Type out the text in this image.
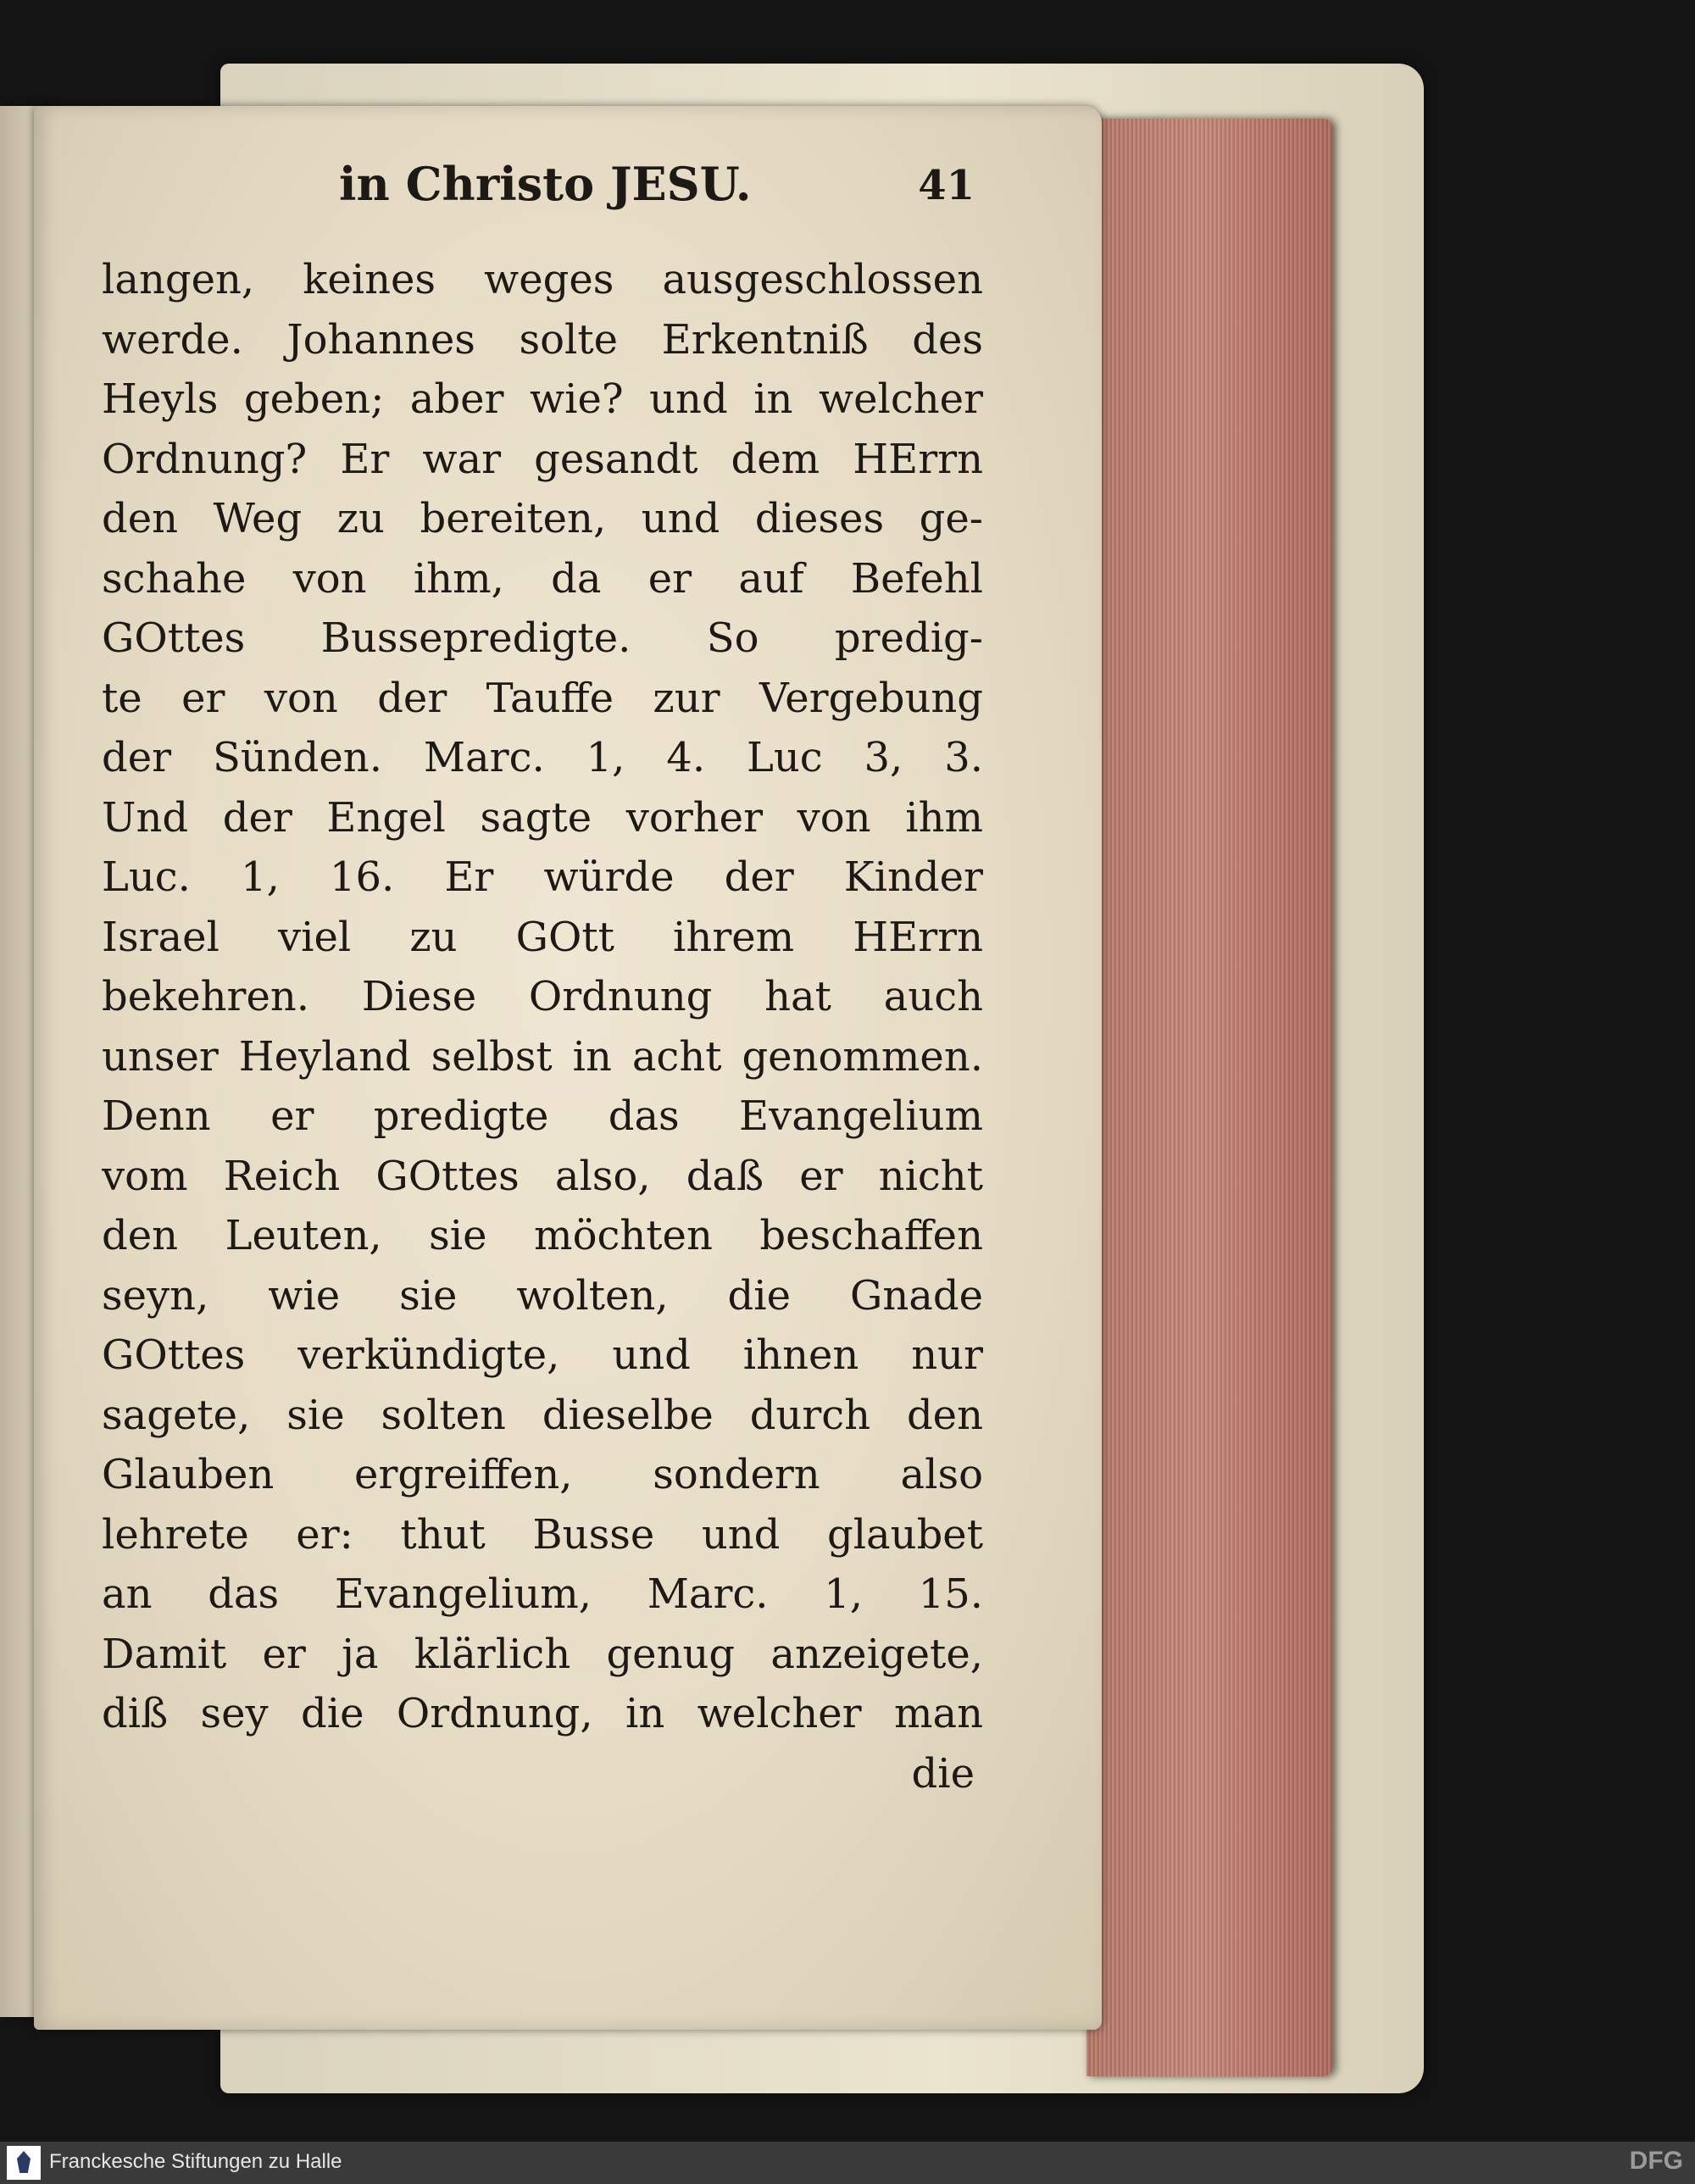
in Christo JESU.	41
langen, keines weges ausgeschlossen
werde. Johannes solte Erkentniß des
Heyls geben; aber wie? und in welcher
Ordnung? Er war gesandt dem HErrn
den Weg zu bereiten, und dieses ge-
schahe von ihm, da er auf Befehl
GOttes Bussepredigte. So predig-
te er von der Tauffe zur Vergebung
der Sünden. Marc. 1, 4. Luc 3, 3.
Und der Engel sagte vorher von ihm
Luc. 1, 16. Er würde der Kinder
Israel viel zu GOtt ihrem HErrn
bekehren. Diese Ordnung hat auch
unser Heyland selbst in acht genommen.
Denn er predigte das Evangelium
vom Reich GOttes also, daß er nicht
den Leuten, sie möchten beschaffen
seyn, wie sie wolten, die Gnade
GOttes verkündigte, und ihnen nur
sagete, sie solten dieselbe durch den
Glauben ergreiffen, sondern also
lehrete er: thut Busse und glaubet
an das Evangelium, Marc. 1, 15.
Damit er ja klärlich genug anzeigete,
diß sey die Ordnung, in welcher man
die
Franckesche Stiftungen zu Halle	DFG
